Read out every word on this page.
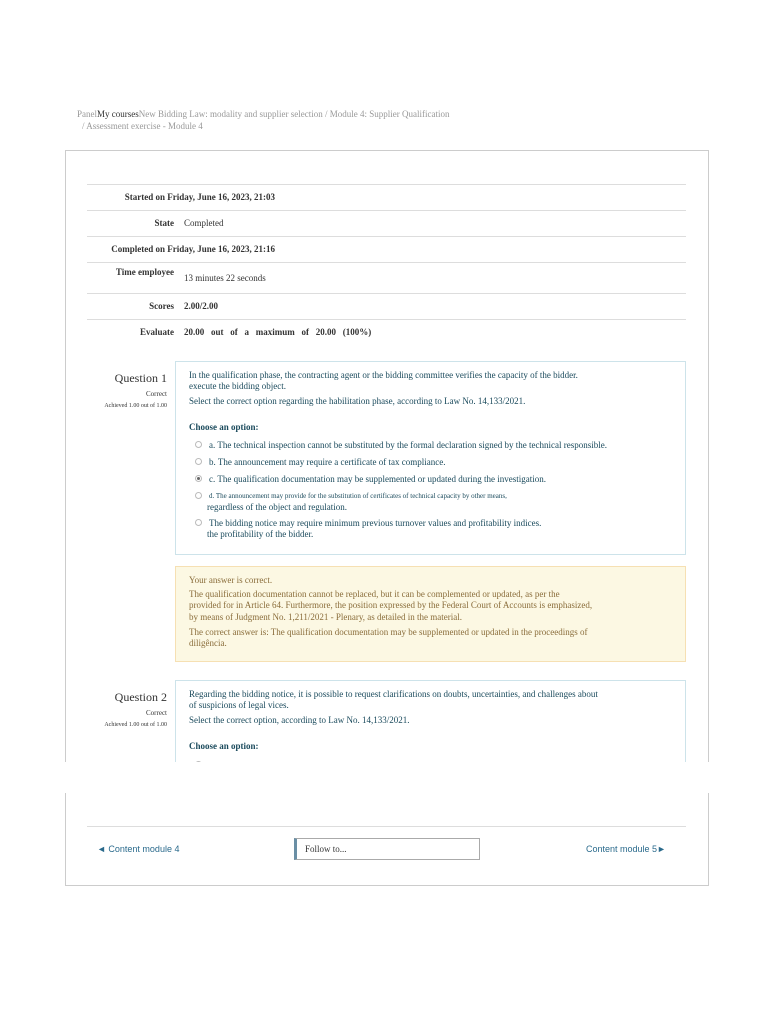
PanelMy coursesNew Bidding Law: modality and supplier selection / Module 4: Supplier Qualification
/ Assessment exercise - Module 4
Started on Friday, June 16, 2023, 21:03
State Completed
Completed on Friday, June 16, 2023, 21:16
Time employee
13 minutes 22 seconds
Scores 2.00/2.00
Evaluate 20.00   out   of   a   maximum   of   20.00   (100%)
Question 1
Correct
Achieved 1.00 out of 1.00
In the qualification phase, the contracting agent or the bidding committee verifies the capacity of the bidder.
execute the bidding object.
Select the correct option regarding the habilitation phase, according to Law No. 14,133/2021.
Choose an option:
a. The technical inspection cannot be substituted by the formal declaration signed by the technical responsible.
b. The announcement may require a certificate of tax compliance.
c. The qualification documentation may be supplemented or updated during the investigation.
d. The announcement may provide for the substitution of certificates of technical capacity by other means,
regardless of the object and regulation.
The bidding notice may require minimum previous turnover values and profitability indices.
the profitability of the bidder.
Your answer is correct.
The qualification documentation cannot be replaced, but it can be complemented or updated, as per the
provided for in Article 64. Furthermore, the position expressed by the Federal Court of Accounts is emphasized,
by means of Judgment No. 1,211/2021 - Plenary, as detailed in the material.
The correct answer is: The qualification documentation may be supplemented or updated in the proceedings of
diligência.
Question 2
Correct
Achieved 1.00 out of 1.00
Regarding the bidding notice, it is possible to request clarifications on doubts, uncertainties, and challenges about
of suspicions of legal vices.
Select the correct option, according to Law No. 14,133/2021.
Choose an option:
◄ Content module 4	Follow to...	Content module 5►
